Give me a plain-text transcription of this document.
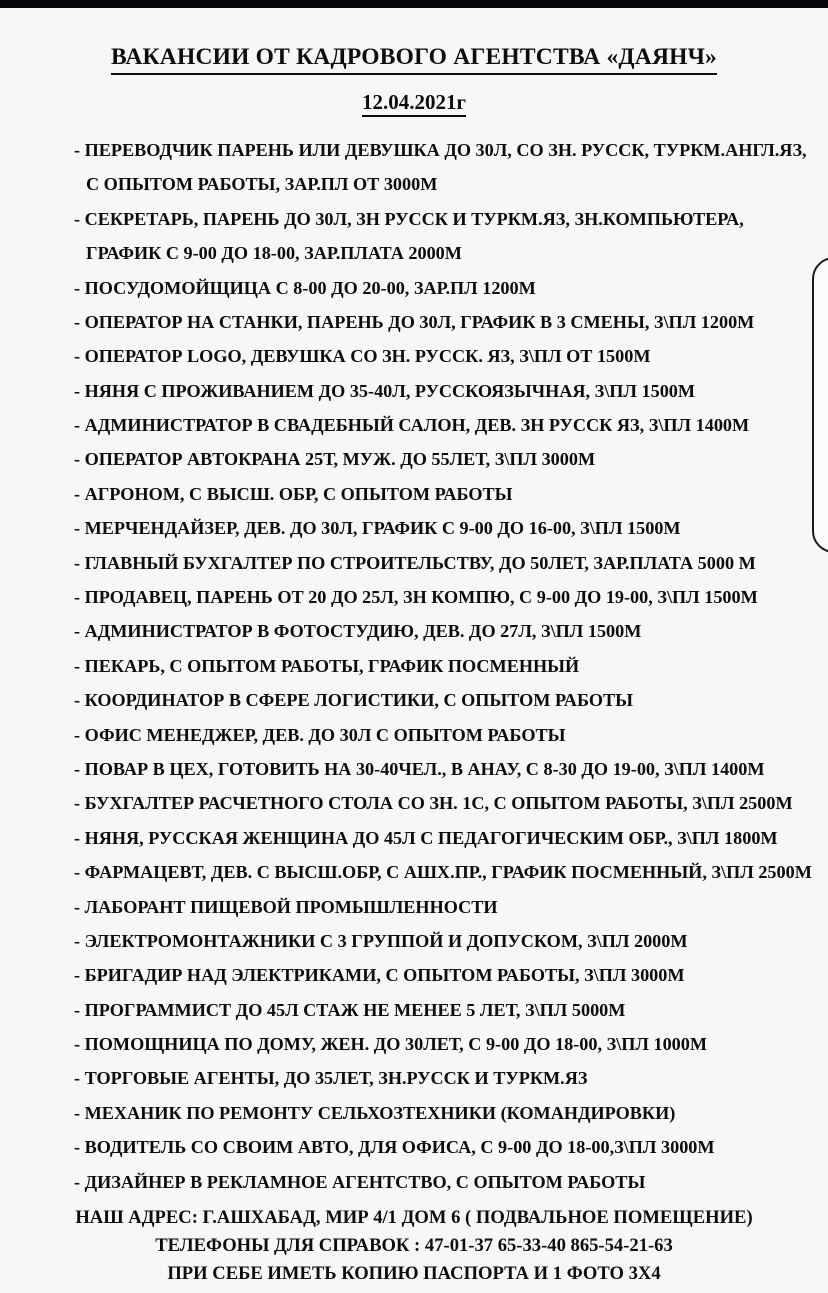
ВАКАНСИИ ОТ КАДРОВОГО АГЕНТСТВА «ДАЯНЧ»
12.04.2021г
- ПЕРЕВОДЧИК ПАРЕНЬ ИЛИ ДЕВУШКА ДО 30Л, СО ЗН. РУССК, ТУРКМ.АНГЛ.ЯЗ,
С ОПЫТОМ РАБОТЫ, ЗАР.ПЛ ОТ 3000М
- СЕКРЕТАРЬ, ПАРЕНЬ ДО 30Л, ЗН РУССК И ТУРКМ.ЯЗ, ЗН.КОМПЬЮТЕРА,
ГРАФИК С 9-00 ДО 18-00, ЗАР.ПЛАТА 2000М
- ПОСУДОМОЙЩИЦА С 8-00 ДО 20-00, ЗАР.ПЛ 1200М
- ОПЕРАТОР НА СТАНКИ, ПАРЕНЬ ДО 30Л, ГРАФИК В 3 СМЕНЫ, З\ПЛ 1200М
- ОПЕРАТОР LOGO, ДЕВУШКА СО ЗН. РУССК. ЯЗ, З\ПЛ ОТ 1500М
- НЯНЯ С ПРОЖИВАНИЕМ ДО 35-40Л, РУССКОЯЗЫЧНАЯ, З\ПЛ 1500М
- АДМИНИСТРАТОР В СВАДЕБНЫЙ САЛОН, ДЕВ. ЗН РУССК ЯЗ, З\ПЛ 1400М
- ОПЕРАТОР АВТОКРАНА 25Т, МУЖ. ДО 55ЛЕТ, З\ПЛ 3000М
- АГРОНОМ, С ВЫСШ. ОБР, С ОПЫТОМ РАБОТЫ
- МЕРЧЕНДАЙЗЕР, ДЕВ. ДО 30Л, ГРАФИК С 9-00 ДО 16-00, З\ПЛ 1500М
- ГЛАВНЫЙ БУХГАЛТЕР ПО СТРОИТЕЛЬСТВУ, ДО 50ЛЕТ, ЗАР.ПЛАТА 5000 М
- ПРОДАВЕЦ, ПАРЕНЬ ОТ 20 ДО 25Л, ЗН КОМПЮ, С 9-00 ДО 19-00, З\ПЛ 1500М
- АДМИНИСТРАТОР В ФОТОСТУДИЮ, ДЕВ. ДО 27Л, З\ПЛ 1500М
- ПЕКАРЬ, С ОПЫТОМ РАБОТЫ, ГРАФИК ПОСМЕННЫЙ
- КООРДИНАТОР В СФЕРЕ ЛОГИСТИКИ, С ОПЫТОМ РАБОТЫ
- ОФИС МЕНЕДЖЕР, ДЕВ. ДО 30Л С ОПЫТОМ РАБОТЫ
- ПОВАР В ЦЕХ, ГОТОВИТЬ НА 30-40ЧЕЛ., В АНАУ, С 8-30 ДО 19-00, З\ПЛ 1400М
- БУХГАЛТЕР РАСЧЕТНОГО СТОЛА СО ЗН. 1С, С ОПЫТОМ РАБОТЫ, З\ПЛ 2500М
- НЯНЯ, РУССКАЯ ЖЕНЩИНА ДО 45Л С ПЕДАГОГИЧЕСКИМ ОБР., З\ПЛ 1800М
- ФАРМАЦЕВТ, ДЕВ. С ВЫСШ.ОБР, С АШХ.ПР., ГРАФИК ПОСМЕННЫЙ, З\ПЛ 2500М
- ЛАБОРАНТ ПИЩЕВОЙ ПРОМЫШЛЕННОСТИ
- ЭЛЕКТРОМОНТАЖНИКИ С 3 ГРУППОЙ И ДОПУСКОМ, З\ПЛ 2000М
- БРИГАДИР НАД ЭЛЕКТРИКАМИ, С ОПЫТОМ РАБОТЫ, З\ПЛ 3000М
- ПРОГРАММИСТ ДО 45Л СТАЖ НЕ МЕНЕЕ 5 ЛЕТ, З\ПЛ 5000М
- ПОМОЩНИЦА ПО ДОМУ, ЖЕН. ДО 30ЛЕТ, С 9-00 ДО 18-00, З\ПЛ 1000М
- ТОРГОВЫЕ АГЕНТЫ, ДО 35ЛЕТ, ЗН.РУССК И ТУРКМ.ЯЗ
- МЕХАНИК ПО РЕМОНТУ СЕЛЬХОЗТЕХНИКИ (КОМАНДИРОВКИ)
- ВОДИТЕЛЬ СО СВОИМ АВТО, ДЛЯ ОФИСА, С 9-00 ДО 18-00,З\ПЛ 3000М
- ДИЗАЙНЕР В РЕКЛАМНОЕ АГЕНТСТВО, С ОПЫТОМ РАБОТЫ
НАШ АДРЕС: Г.АШХАБАД, МИР 4/1 ДОМ 6 ( ПОДВАЛЬНОЕ ПОМЕЩЕНИЕ)
ТЕЛЕФОНЫ ДЛЯ СПРАВОК : 47-01-37 65-33-40 865-54-21-63
ПРИ СЕБЕ ИМЕТЬ КОПИЮ ПАСПОРТА И 1 ФОТО 3Х4
